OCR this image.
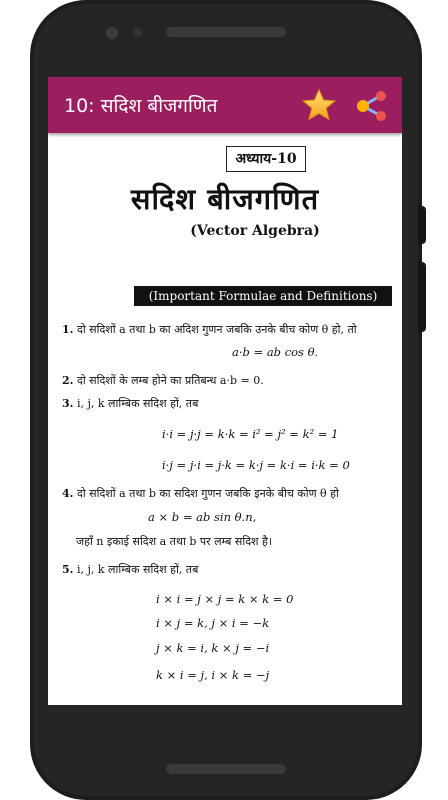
10: सदिश बीजगणित
अध्याय-10
सदिश बीजगणित
(Vector Algebra)
(Important Formulae and Definitions)
1. दो सदिशों a तथा b का अदिश गुणन जबकि उनके बीच कोण θ हो, तो
a·b = ab cos θ.
2. दो सदिशों के लम्ब होने का प्रतिबन्ध a·b = 0.
3. i, j, k लाम्बिक सदिश हों, तब
i·i = j·j = k·k = i² = j² = k² = 1
i·j = j·i = j·k = k·j = k·i = i·k = 0
4. दो सदिशों a तथा b का सदिश गुणन जबकि इनके बीच कोण θ हो
a × b = ab sin θ.n,
जहाँ n इकाई सदिश a तथा b पर लम्ब सदिश है।
5. i, j, k लाम्बिक सदिश हों, तब
i × i = j × j = k × k = 0
i × j = k, j × i = −k
j × k = i, k × j = −i
k × i = j, i × k = −j
